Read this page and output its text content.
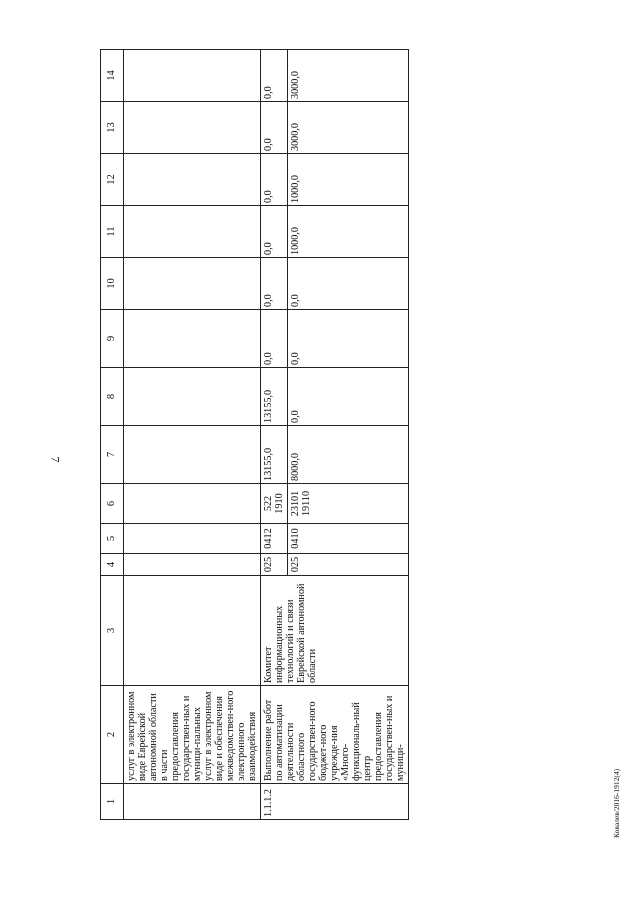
7
1	2	3	4	5	6	7	8	9	10	11	12	13	14
	услуг в электронном виде Еврейской автономной области в части предоставления государствен-ных и муници-пальных услуг в электронном виде и обеспечения межведомствен-ного электронного взаимодействия												
1.1.1.2	Выполнение работ по автоматизации деятельности областного государствен-ного бюджет-ного учрежде-ния «Много-функциональ-ный центр предоставления государствен-ных и муници-	Комитет информационных технологий и связи Еврейской автономной области	025	0412	522 1910	13155,0	13155,0	0,0	0,0	0,0	0,0	0,0	0,0
			025	0410	23101 19110	8000,0	0,0	0,0	0,0	1000,0	1000,0	3000,0	3000,0
Ковалев/2016-1912(4)
